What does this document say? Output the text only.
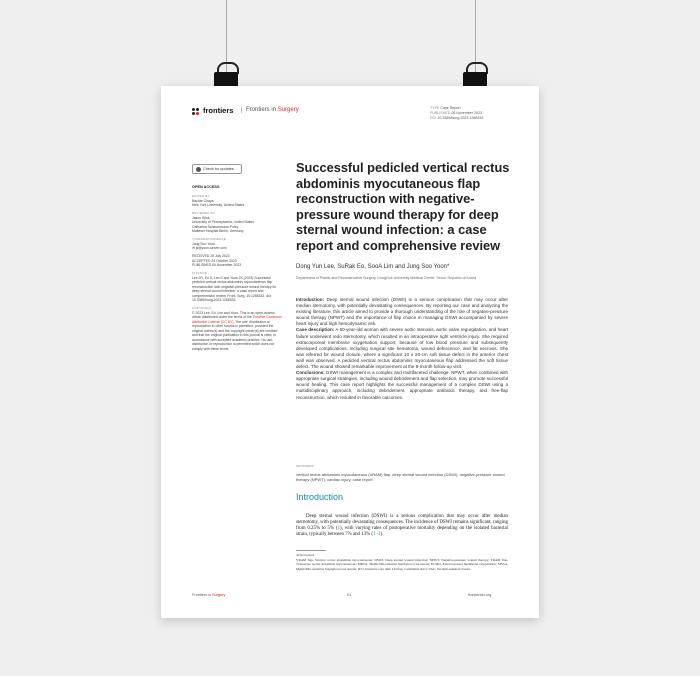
frontiers	Frontiers in Surgery	TYPE Case Report
PUBLISHED 06 November 2023
DOI 10.3389/fsurg.2023.1268333
Check for updates
OPEN ACCESS
EDITED BY
Bachar Chaya,
New York University, United States
REVIEWED BY
Jason Wink,
University of Pennsylvania, United States
Catharina Scheuermann-Poley,
Malteser Hospital Berlin, Germany
*CORRESPONDENCE
Jung Soo Yoon
✉ js@yoon-server.com
RECEIVED 28 July 2023
ACCEPTED 24 October 2023
PUBLISHED 06 November 2023
CITATION
Lee DY, Eo S, Lim S and Yoon JS (2023) Successful pedicled vertical rectus abdominis myocutaneous flap reconstruction with negative-pressure wound therapy for deep sternal wound infection: a case report and comprehensive review. Front. Surg. 10:1268333. doi: 10.3389/fsurg.2023.1268333
COPYRIGHT
© 2023 Lee, Eo, Lim and Yoon. This is an open-access article distributed under the terms of the Creative Commons Attribution License (CC BY). The use, distribution or reproduction in other forums is permitted, provided the original author(s) and the copyright owner(s) are credited and that the original publication in this journal is cited, in accordance with accepted academic practice. No use, distribution or reproduction is permitted which does not comply with these terms.
Successful pedicled vertical rectus abdominis myocutaneous flap reconstruction with negative-pressure wound therapy for deep sternal wound infection: a case report and comprehensive review
Dong Yun Lee, SuRak Eo, SooA Lim and Jung Soo Yoon*
Department of Plastic and Reconstructive Surgery, DongGuk University Medical Center, Seoul, Republic of Korea

Introduction: Deep sternal wound infection (DSWI) is a serious complication that may occur after median sternotomy, with potentially devastating consequences. By reporting our case and analyzing the existing literature, this article aimed to provide a thorough understanding of the role of negative-pressure wound therapy (NPWT) and the importance of flap choice in managing DSWI accompanied by severe heart injury and high hemodynamic risk.

Case description: A 60-year-old woman with severe aortic stenosis, aortic valve regurgitation, and heart failure underwent redo sternotomy, which resulted in an intraoperative right ventricle injury. She required extracorporeal membrane oxygenation support; because of low blood pressure and subsequently developed complications, including surgical site hematoma, wound dehiscence, and fat necrosis. She was referred for wound closure, where a significant 10 x 20-cm soft tissue defect in the anterior chest wall was observed. A pedicled vertical rectus abdominis myocutaneous flap addressed the soft tissue defect. The wound showed remarkable improvement at the 8-month follow-up visit.

Conclusions: DSWI management is a complex and multifaceted challenge. NPWT, when combined with appropriate surgical strategies, including wound debridement and flap selection, may promote successful wound healing. This case report highlights the successful management of a complex DSWI using a multidisciplinary approach, including debridement, appropriate antibiotic therapy, and free-flap reconstruction, which resulted in favorable outcomes.

KEYWORDS
vertical rectus abdominis myocutaneous (VRAM) flap, deep sternal wound infection (DSWI), negative-pressure wound therapy (NPWT), cardiac injury, case report
Introduction

Deep sternal wound infection (DSWI) is a serious complication that may occur after median sternotomy, with potentially devastating consequences. The incidence of DSWI remains significant, ranging from 0.25% to 5% (1), with varying rates of postoperative mortality depending on the isolated bacterial strain, typically between 7% and 13% (1–3).

Abbreviations
VRAM flap, Vertical rectus abdominis myocutaneous; DSWI, Deep sternal wound infection; NPWT, Negative-pressure wound therapy; TRAM flap, Transverse rectus abdominis myocutaneous; MRSA, Methicillin-resistant Staphylococcus aureus; ECMO, Extracorporeal membrane oxygenation; MSSA, Methicillin-sensitive Staphylococcus aureus; ICU, Intensive care unit; LD flap, Latissimus dorsi; VAC, Vacuum-assisted closure.
Frontiers in Surgery	01	frontiersin.org
